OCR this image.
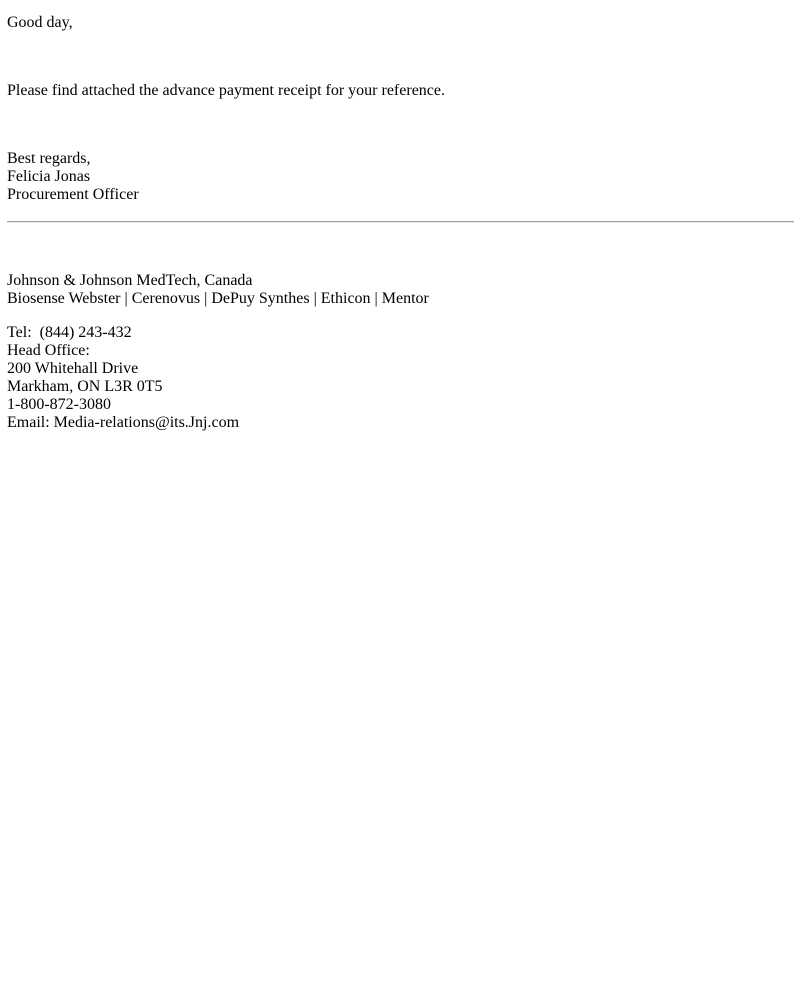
Good day,
Please find attached the advance payment receipt for your reference.
Best regards,
Felicia Jonas
Procurement Officer
Johnson & Johnson MedTech, Canada
Biosense Webster | Cerenovus | DePuy Synthes | Ethicon | Mentor
Tel:  (844) 243-432
Head Office:
200 Whitehall Drive
Markham, ON L3R 0T5
1-800-872-3080
Email: Media-relations@its.Jnj.com
